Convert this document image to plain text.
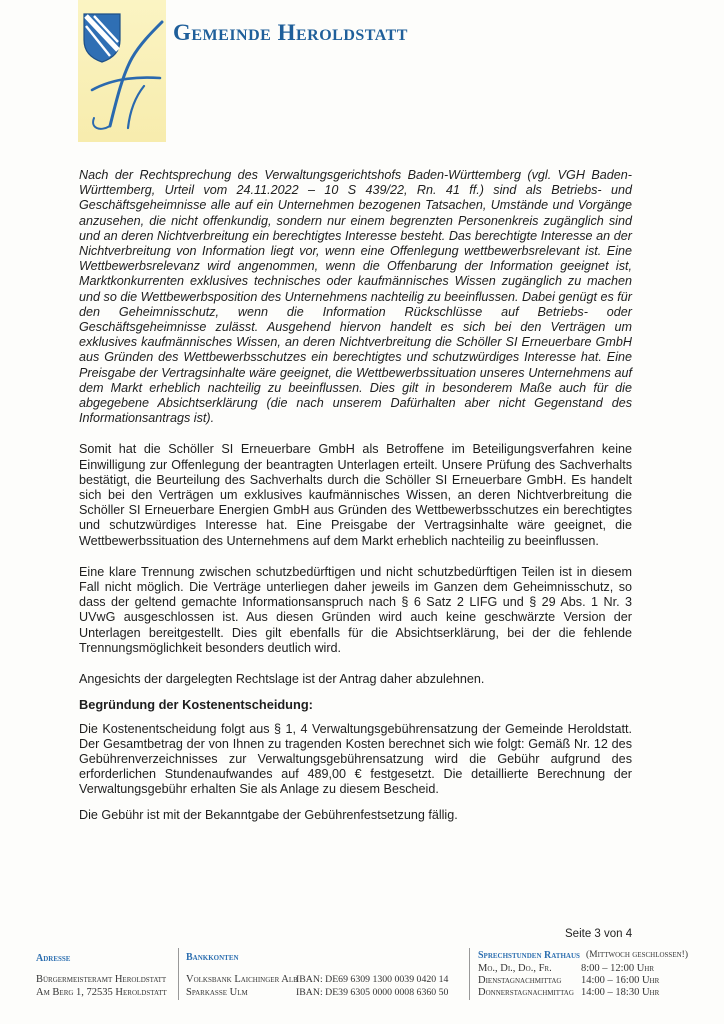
Gemeinde Heroldstatt

Nach der Rechtsprechung des Verwaltungsgerichtshofs Baden-Württemberg (vgl. VGH Baden-Württemberg, Urteil vom 24.11.2022 – 10 S 439/22, Rn. 41 ff.) sind als Betriebs- und Geschäftsgeheimnisse alle auf ein Unternehmen bezogenen Tatsachen, Umstände und Vorgänge anzusehen, die nicht offenkundig, sondern nur einem begrenzten Personenkreis zugänglich sind und an deren Nichtverbreitung ein berechtigtes Interesse besteht. Das berechtigte Interesse an der Nichtverbreitung von Information liegt vor, wenn eine Offenlegung wettbewerbsrelevant ist. Eine Wettbewerbsrelevanz wird angenommen, wenn die Offenbarung der Information geeignet ist, Marktkonkurrenten exklusives technisches oder kaufmännisches Wissen zugänglich zu machen und so die Wettbewerbsposition des Unternehmens nachteilig zu beeinflussen. Dabei genügt es für den Geheimnisschutz, wenn die Information Rückschlüsse auf Betriebs- oder Geschäftsgeheimnisse zulässt. Ausgehend hiervon handelt es sich bei den Verträgen um exklusives kaufmännisches Wissen, an deren Nichtverbreitung die Schöller SI Erneuerbare GmbH aus Gründen des Wettbewerbsschutzes ein berechtigtes und schutzwürdiges Interesse hat. Eine Preisgabe der Vertragsinhalte wäre geeignet, die Wettbewerbssituation unseres Unternehmens auf dem Markt erheblich nachteilig zu beeinflussen. Dies gilt in besonderem Maße auch für die abgegebene Absichtserklärung (die nach unserem Dafürhalten aber nicht Gegenstand des Informationsantrags ist).

Somit hat die Schöller SI Erneuerbare GmbH als Betroffene im Beteiligungsverfahren keine Einwilligung zur Offenlegung der beantragten Unterlagen erteilt. Unsere Prüfung des Sachverhalts bestätigt, die Beurteilung des Sachverhalts durch die Schöller SI Erneuerbare GmbH. Es handelt sich bei den Verträgen um exklusives kaufmännisches Wissen, an deren Nichtverbreitung die Schöller SI Erneuerbare Energien GmbH aus Gründen des Wettbewerbsschutzes ein berechtigtes und schutzwürdiges Interesse hat. Eine Preisgabe der Vertragsinhalte wäre geeignet, die Wettbewerbssituation des Unternehmens auf dem Markt erheblich nachteilig zu beeinflussen.

Eine klare Trennung zwischen schutzbedürftigen und nicht schutzbedürftigen Teilen ist in diesem Fall nicht möglich. Die Verträge unterliegen daher jeweils im Ganzen dem Geheimnisschutz, so dass der geltend gemachte Informationsanspruch nach § 6 Satz 2 LIFG und § 29 Abs. 1 Nr. 3 UVwG ausgeschlossen ist. Aus diesen Gründen wird auch keine geschwärzte Version der Unterlagen bereitgestellt. Dies gilt ebenfalls für die Absichtserklärung, bei der die fehlende Trennungsmöglichkeit besonders deutlich wird.

Angesichts der dargelegten Rechtslage ist der Antrag daher abzulehnen.

Begründung der Kostenentscheidung:

Die Kostenentscheidung folgt aus § 1, 4 Verwaltungsgebührensatzung der Gemeinde Heroldstatt. Der Gesamtbetrag der von Ihnen zu tragenden Kosten berechnet sich wie folgt: Gemäß Nr. 12 des Gebührenverzeichnisses zur Verwaltungsgebührensatzung wird die Gebühr aufgrund des erforderlichen Stundenaufwandes auf 489,00 € festgesetzt. Die detaillierte Berechnung der Verwaltungsgebühr erhalten Sie als Anlage zu diesem Bescheid.

Die Gebühr ist mit der Bekanntgabe der Gebührenfestsetzung fällig.

Seite 3 von 4
Adresse
Bürgermeisteramt Heroldstatt
Am Berg 1, 72535 Heroldstatt
Bankkonten
Volksbank Laichinger Alb
Sparkasse Ulm
IBAN: DE69 6309 1300 0039 0420 14
IBAN: DE39 6305 0000 0008 6360 50
Sprechstunden Rathaus (Mittwoch geschlossen!)
Mo., Di., Do., Fr.	8:00 – 12:00 Uhr
Dienstagnachmittag 14:00 – 16:00 Uhr
Donnerstagnachmittag 14:00 – 18:30 Uhr
